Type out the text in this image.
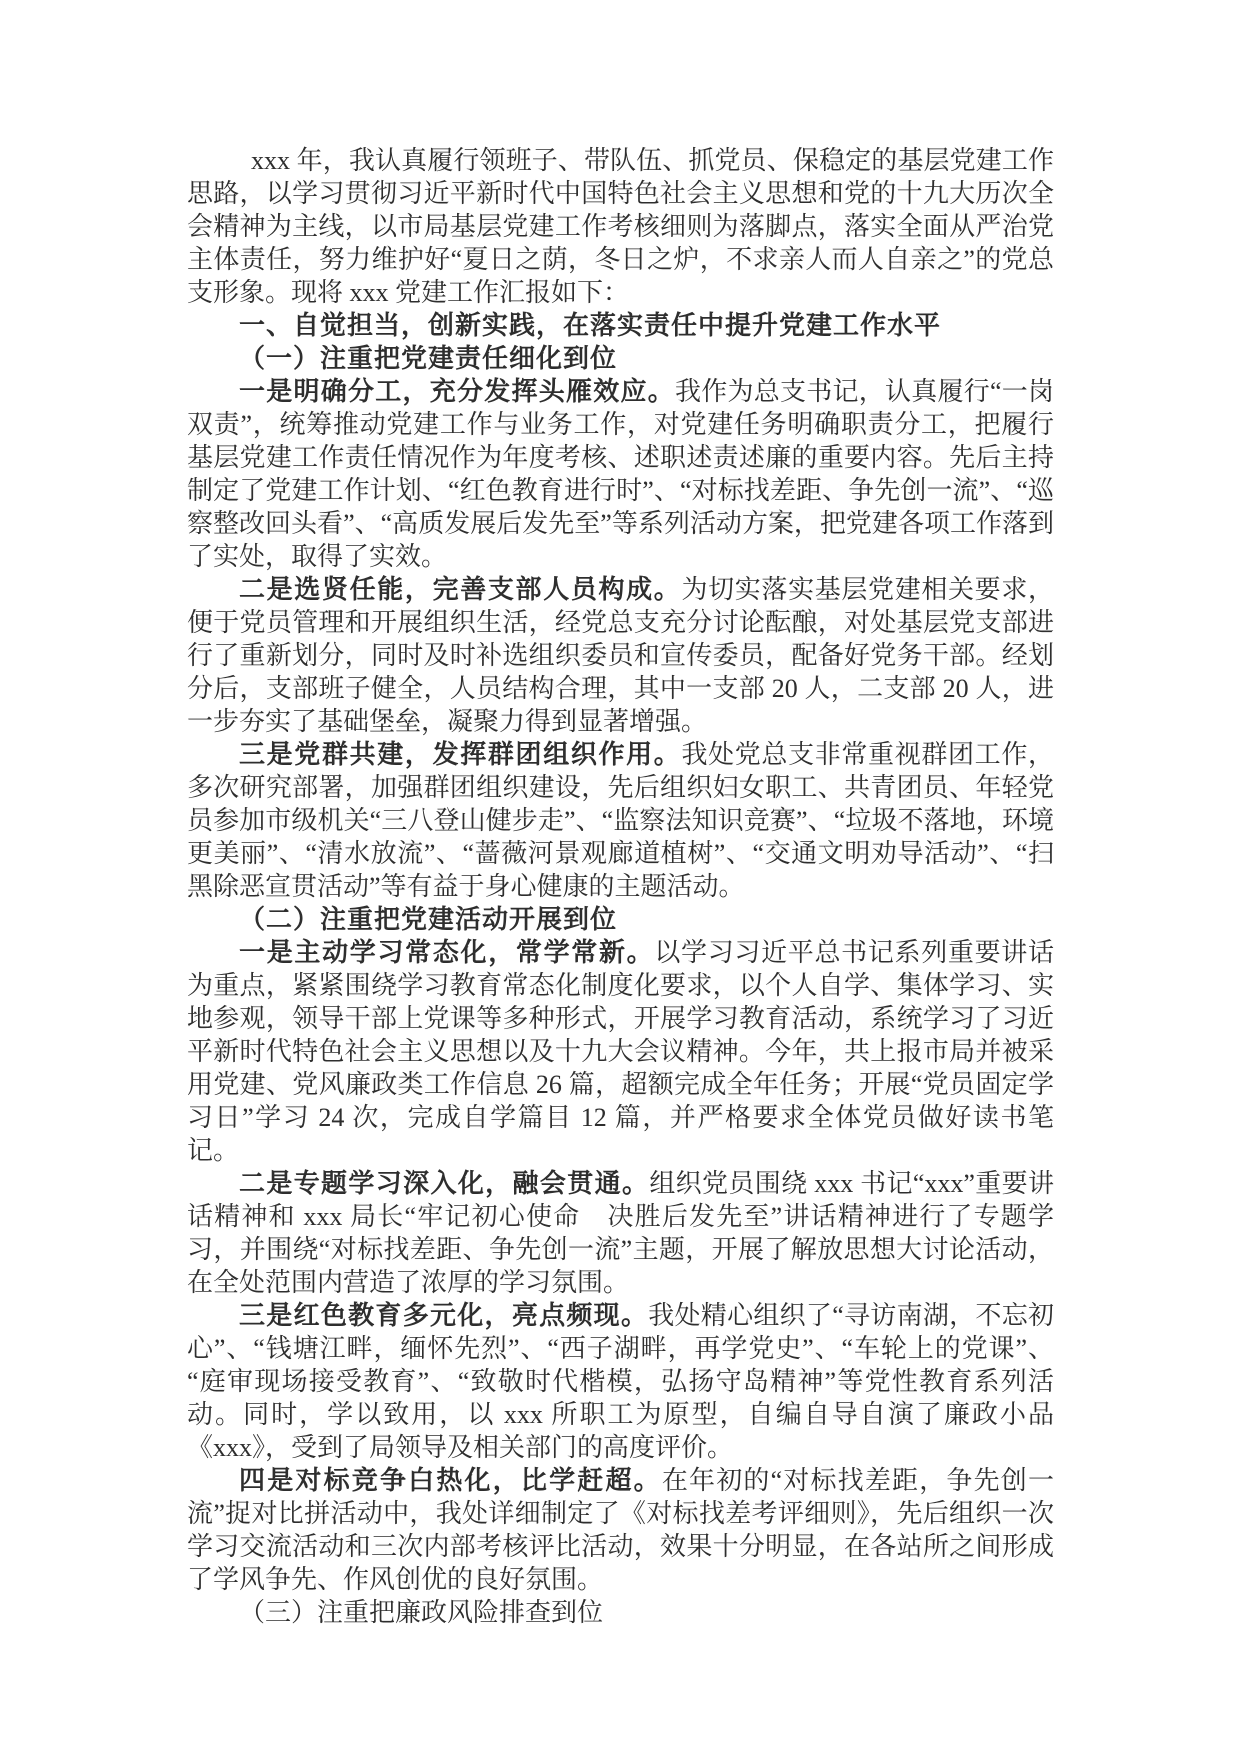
xxx 年，我认真履行领班子、带队伍、抓党员、保稳定的基层党建工作思路，以学习贯彻习近平新时代中国特色社会主义思想和党的十九大历次全会精神为主线，以市局基层党建工作考核细则为落脚点，落实全面从严治党主体责任，努力维护好“夏日之荫，冬日之炉，不求亲人而人自亲之”的党总支形象。现将 xxx 党建工作汇报如下：

一、自觉担当，创新实践，在落实责任中提升党建工作水平

（一）注重把党建责任细化到位

一是明确分工，充分发挥头雁效应。我作为总支书记，认真履行“一岗双责”，统筹推动党建工作与业务工作，对党建任务明确职责分工，把履行基层党建工作责任情况作为年度考核、述职述责述廉的重要内容。先后主持制定了党建工作计划、“红色教育进行时”、“对标找差距、争先创一流”、“巡察整改回头看”、“高质发展后发先至”等系列活动方案，把党建各项工作落到了实处，取得了实效。

二是选贤任能，完善支部人员构成。为切实落实基层党建相关要求，便于党员管理和开展组织生活，经党总支充分讨论酝酿，对处基层党支部进行了重新划分，同时及时补选组织委员和宣传委员，配备好党务干部。经划分后，支部班子健全，人员结构合理，其中一支部 20 人，二支部 20 人，进一步夯实了基础堡垒，凝聚力得到显著增强。

三是党群共建，发挥群团组织作用。我处党总支非常重视群团工作，多次研究部署，加强群团组织建设，先后组织妇女职工、共青团员、年轻党员参加市级机关“三八登山健步走”、“监察法知识竞赛”、“垃圾不落地，环境更美丽”、“清水放流”、“蔷薇河景观廊道植树”、“交通文明劝导活动”、“扫黑除恶宣贯活动”等有益于身心健康的主题活动。

（二）注重把党建活动开展到位

一是主动学习常态化，常学常新。以学习习近平总书记系列重要讲话为重点，紧紧围绕学习教育常态化制度化要求，以个人自学、集体学习、实地参观，领导干部上党课等多种形式，开展学习教育活动，系统学习了习近平新时代特色社会主义思想以及十九大会议精神。今年，共上报市局并被采用党建、党风廉政类工作信息 26 篇，超额完成全年任务；开展“党员固定学习日”学习 24 次，完成自学篇目 12 篇，并严格要求全体党员做好读书笔记。

二是专题学习深入化，融会贯通。组织党员围绕 xxx 书记“xxx”重要讲话精神和 xxx 局长“牢记初心使命　决胜后发先至”讲话精神进行了专题学习，并围绕“对标找差距、争先创一流”主题，开展了解放思想大讨论活动，在全处范围内营造了浓厚的学习氛围。

三是红色教育多元化，亮点频现。我处精心组织了“寻访南湖，不忘初心”、“钱塘江畔，缅怀先烈”、“西子湖畔，再学党史”、“车轮上的党课”、“庭审现场接受教育”、“致敬时代楷模，弘扬守岛精神”等党性教育系列活动。同时，学以致用，以 xxx 所职工为原型，自编自导自演了廉政小品《xxx》，受到了局领导及相关部门的高度评价。

四是对标竞争白热化，比学赶超。在年初的“对标找差距，争先创一流”捉对比拼活动中，我处详细制定了《对标找差考评细则》，先后组织一次学习交流活动和三次内部考核评比活动，效果十分明显，在各站所之间形成了学风争先、作风创优的良好氛围。

（三）注重把廉政风险排查到位
